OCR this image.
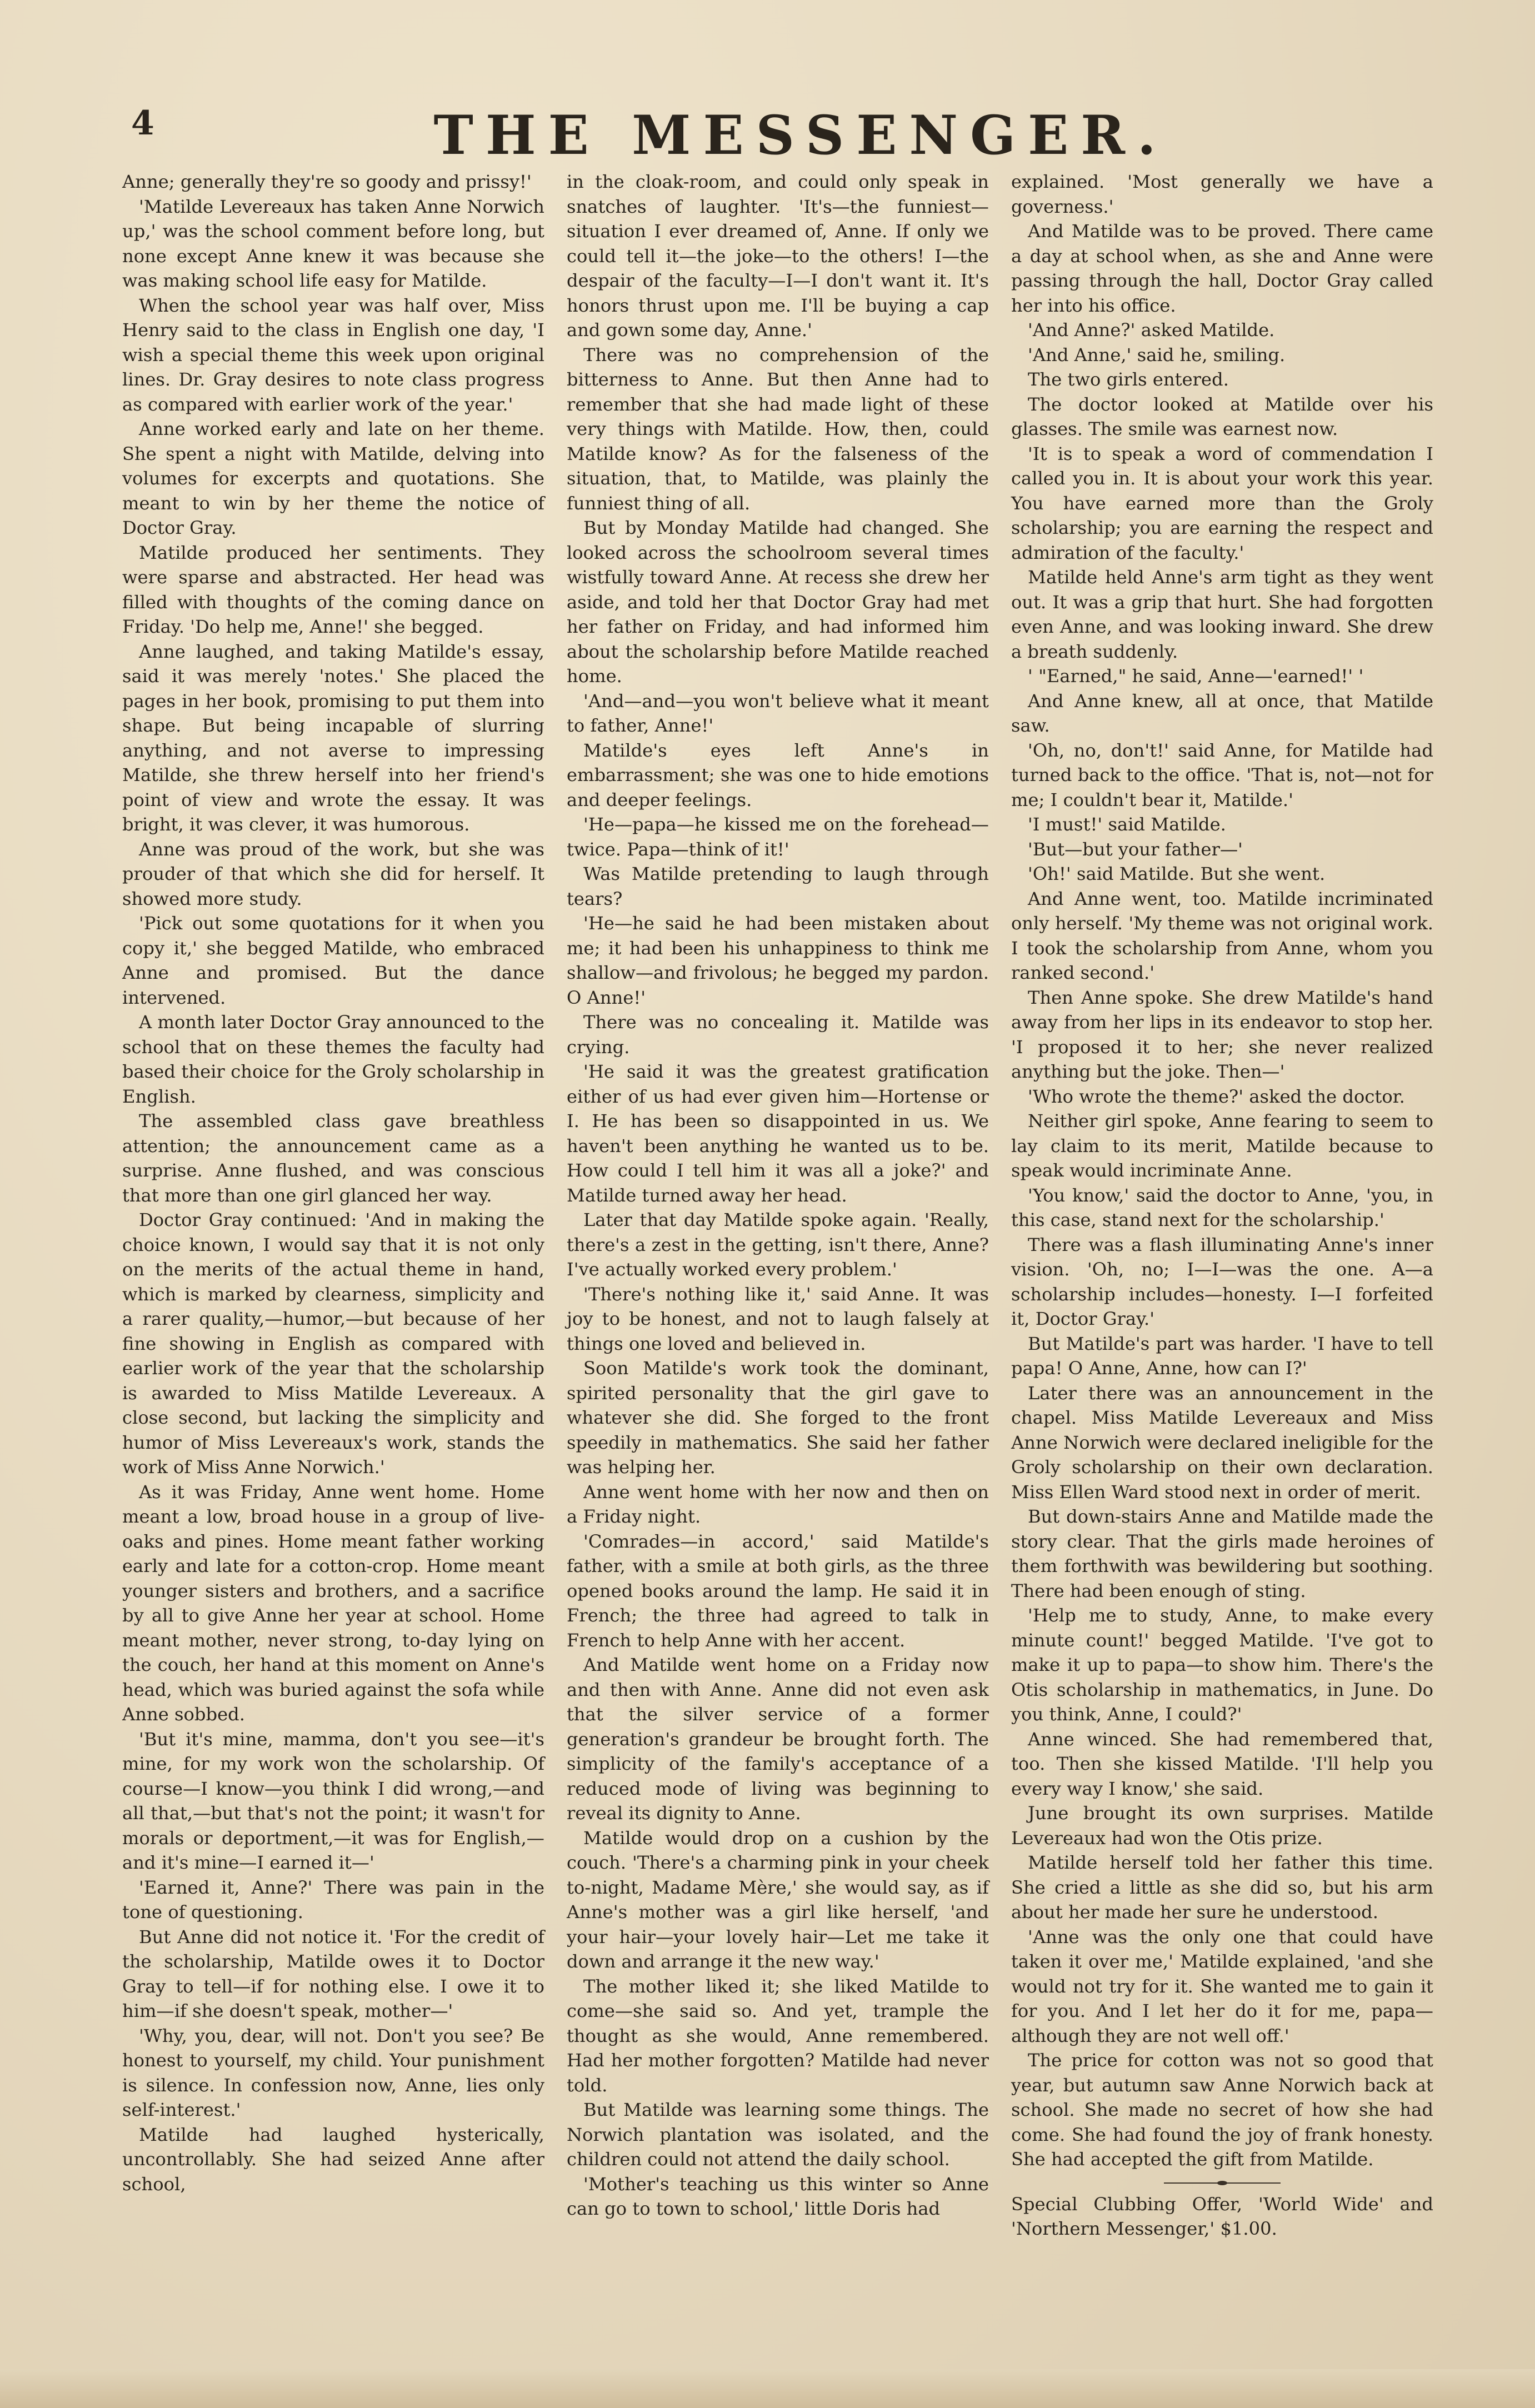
4	THE MESSENGER.

Anne; generally they're so goody and prissy!'

'Matilde Levereaux has taken Anne Norwich up,' was the school comment before long, but none except Anne knew it was because she was making school life easy for Matilde.

When the school year was half over, Miss Henry said to the class in English one day, 'I wish a special theme this week upon original lines. Dr. Gray desires to note class progress as compared with earlier work of the year.'

Anne worked early and late on her theme. She spent a night with Matilde, delving into volumes for excerpts and quotations. She meant to win by her theme the notice of Doctor Gray.

Matilde produced her sentiments. They were sparse and abstracted. Her head was filled with thoughts of the coming dance on Friday. 'Do help me, Anne!' she begged.

Anne laughed, and taking Matilde's essay, said it was merely 'notes.' She placed the pages in her book, promising to put them into shape. But being incapable of slurring anything, and not averse to impressing Matilde, she threw herself into her friend's point of view and wrote the essay. It was bright, it was clever, it was humorous.

Anne was proud of the work, but she was prouder of that which she did for herself. It showed more study.

'Pick out some quotations for it when you copy it,' she begged Matilde, who embraced Anne and promised. But the dance intervened.

A month later Doctor Gray announced to the school that on these themes the faculty had based their choice for the Groly scholarship in English.

The assembled class gave breathless attention; the announcement came as a surprise. Anne flushed, and was conscious that more than one girl glanced her way.

Doctor Gray continued: 'And in making the choice known, I would say that it is not only on the merits of the actual theme in hand, which is marked by clearness, simplicity and a rarer quality,—humor,—but because of her fine showing in English as compared with earlier work of the year that the scholarship is awarded to Miss Matilde Levereaux. A close second, but lacking the simplicity and humor of Miss Levereaux's work, stands the work of Miss Anne Norwich.'

As it was Friday, Anne went home. Home meant a low, broad house in a group of live-oaks and pines. Home meant father working early and late for a cotton-crop. Home meant younger sisters and brothers, and a sacrifice by all to give Anne her year at school. Home meant mother, never strong, to-day lying on the couch, her hand at this moment on Anne's head, which was buried against the sofa while Anne sobbed.

'But it's mine, mamma, don't you see—it's mine, for my work won the scholarship. Of course—I know—you think I did wrong,—and all that,—but that's not the point; it wasn't for morals or deportment,—it was for English,—and it's mine—I earned it—'

'Earned it, Anne?' There was pain in the tone of questioning.

But Anne did not notice it. 'For the credit of the scholarship, Matilde owes it to Doctor Gray to tell—if for nothing else. I owe it to him—if she doesn't speak, mother—'

'Why, you, dear, will not. Don't you see? Be honest to yourself, my child. Your punishment is silence. In confession now, Anne, lies only self-interest.'

Matilde had laughed hysterically, uncontrollably. She had seized Anne after school,

in the cloak-room, and could only speak in snatches of laughter. 'It's—the funniest—situation I ever dreamed of, Anne. If only we could tell it—the joke—to the others! I—the despair of the faculty—I—I don't want it. It's honors thrust upon me. I'll be buying a cap and gown some day, Anne.'

There was no comprehension of the bitterness to Anne. But then Anne had to remember that she had made light of these very things with Matilde. How, then, could Matilde know? As for the falseness of the situation, that, to Matilde, was plainly the funniest thing of all.

But by Monday Matilde had changed. She looked across the schoolroom several times wistfully toward Anne. At recess she drew her aside, and told her that Doctor Gray had met her father on Friday, and had informed him about the scholarship before Matilde reached home.

'And—and—you won't believe what it meant to father, Anne!'

Matilde's eyes left Anne's in embarrassment; she was one to hide emotions and deeper feelings.

'He—papa—he kissed me on the forehead—twice. Papa—think of it!'

Was Matilde pretending to laugh through tears?

'He—he said he had been mistaken about me; it had been his unhappiness to think me shallow—and frivolous; he begged my pardon. O Anne!'

There was no concealing it. Matilde was crying.

'He said it was the greatest gratification either of us had ever given him—Hortense or I. He has been so disappointed in us. We haven't been anything he wanted us to be. How could I tell him it was all a joke?' and Matilde turned away her head.

Later that day Matilde spoke again. 'Really, there's a zest in the getting, isn't there, Anne? I've actually worked every problem.'

'There's nothing like it,' said Anne. It was joy to be honest, and not to laugh falsely at things one loved and believed in.

Soon Matilde's work took the dominant, spirited personality that the girl gave to whatever she did. She forged to the front speedily in mathematics. She said her father was helping her.

Anne went home with her now and then on a Friday night.

'Comrades—in accord,' said Matilde's father, with a smile at both girls, as the three opened books around the lamp. He said it in French; the three had agreed to talk in French to help Anne with her accent.

And Matilde went home on a Friday now and then with Anne. Anne did not even ask that the silver service of a former generation's grandeur be brought forth. The simplicity of the family's acceptance of a reduced mode of living was beginning to reveal its dignity to Anne.

Matilde would drop on a cushion by the couch. 'There's a charming pink in your cheek to-night, Madame Mère,' she would say, as if Anne's mother was a girl like herself, 'and your hair—your lovely hair—Let me take it down and arrange it the new way.'

The mother liked it; she liked Matilde to come—she said so. And yet, trample the thought as she would, Anne remembered. Had her mother forgotten? Matilde had never told.

But Matilde was learning some things. The Norwich plantation was isolated, and the children could not attend the daily school.

'Mother's teaching us this winter so Anne can go to town to school,' little Doris had

explained. 'Most generally we have a governess.'

And Matilde was to be proved. There came a day at school when, as she and Anne were passing through the hall, Doctor Gray called her into his office.

'And Anne?' asked Matilde.

'And Anne,' said he, smiling.

The two girls entered.

The doctor looked at Matilde over his glasses. The smile was earnest now.

'It is to speak a word of commendation I called you in. It is about your work this year. You have earned more than the Groly scholarship; you are earning the respect and admiration of the faculty.'

Matilde held Anne's arm tight as they went out. It was a grip that hurt. She had forgotten even Anne, and was looking inward. She drew a breath suddenly.

' "Earned," he said, Anne—'earned!' '

And Anne knew, all at once, that Matilde saw.

'Oh, no, don't!' said Anne, for Matilde had turned back to the office. 'That is, not—not for me; I couldn't bear it, Matilde.'

'I must!' said Matilde.

'But—but your father—'

'Oh!' said Matilde. But she went.

And Anne went, too. Matilde incriminated only herself. 'My theme was not original work. I took the scholarship from Anne, whom you ranked second.'

Then Anne spoke. She drew Matilde's hand away from her lips in its endeavor to stop her. 'I proposed it to her; she never realized anything but the joke. Then—'

'Who wrote the theme?' asked the doctor.

Neither girl spoke, Anne fearing to seem to lay claim to its merit, Matilde because to speak would incriminate Anne.

'You know,' said the doctor to Anne, 'you, in this case, stand next for the scholarship.'

There was a flash illuminating Anne's inner vision. 'Oh, no; I—I—was the one. A—a scholarship includes—honesty. I—I forfeited it, Doctor Gray.'

But Matilde's part was harder. 'I have to tell papa! O Anne, Anne, how can I?'

Later there was an announcement in the chapel. Miss Matilde Levereaux and Miss Anne Norwich were declared ineligible for the Groly scholarship on their own declaration. Miss Ellen Ward stood next in order of merit.

But down-stairs Anne and Matilde made the story clear. That the girls made heroines of them forthwith was bewildering but soothing. There had been enough of sting.

'Help me to study, Anne, to make every minute count!' begged Matilde. 'I've got to make it up to papa—to show him. There's the Otis scholarship in mathematics, in June. Do you think, Anne, I could?'

Anne winced. She had remembered that, too. Then she kissed Matilde. 'I'll help you every way I know,' she said.

June brought its own surprises. Matilde Levereaux had won the Otis prize.

Matilde herself told her father this time. She cried a little as she did so, but his arm about her made her sure he understood.

'Anne was the only one that could have taken it over me,' Matilde explained, 'and she would not try for it. She wanted me to gain it for you. And I let her do it for me, papa—although they are not well off.'

The price for cotton was not so good that year, but autumn saw Anne Norwich back at school. She made no secret of how she had come. She had found the joy of frank honesty. She had accepted the gift from Matilde.

Special Clubbing Offer, 'World Wide' and 'Northern Messenger,' $1.00.
